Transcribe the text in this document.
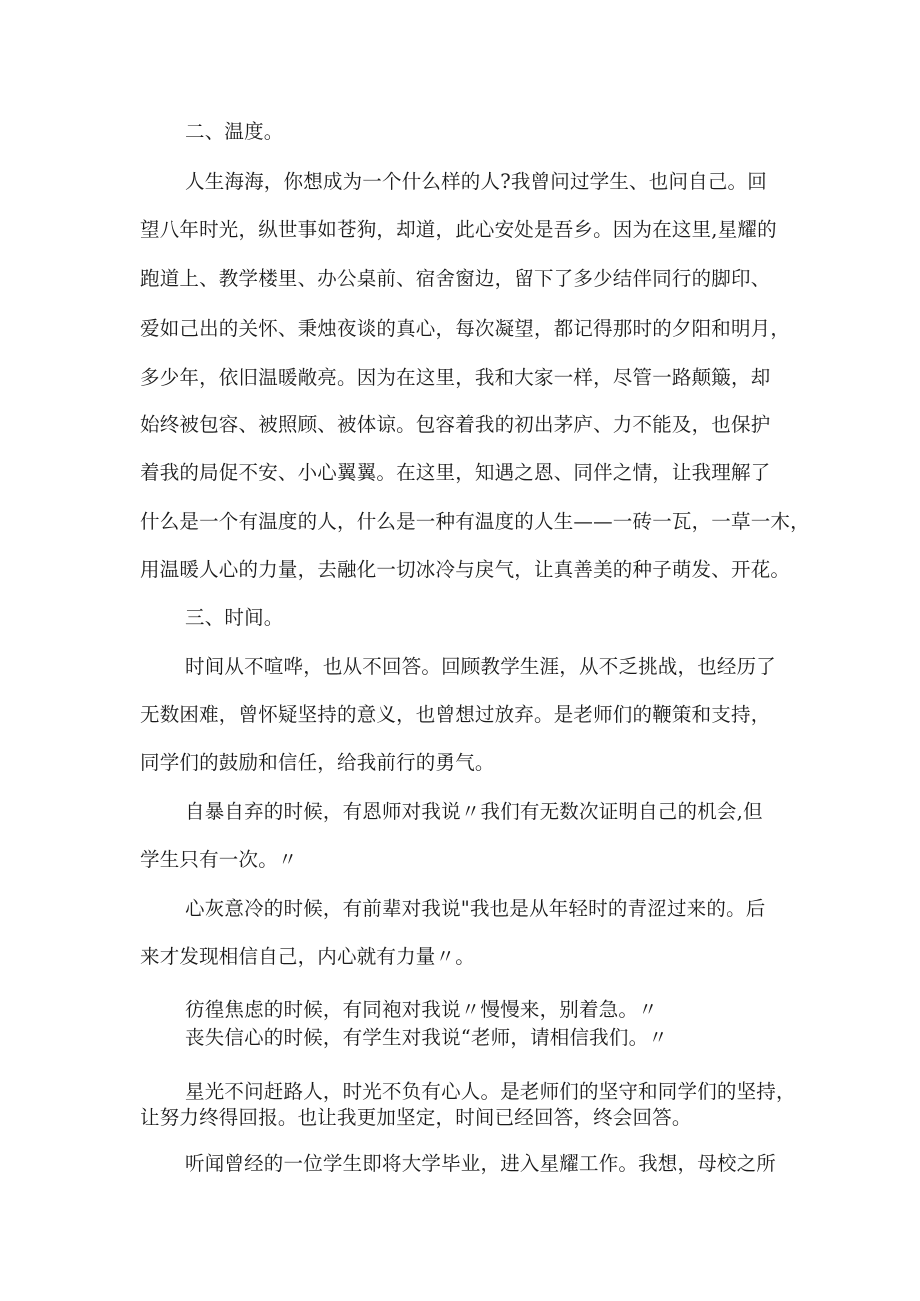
二、温度。
人生海海，你想成为一个什么样的人?我曾问过学生、也问自己。回
望八年时光，纵世事如苍狗，却道，此心安处是吾乡。因为在这里,星耀的
跑道上、教学楼里、办公桌前、宿舍窗边，留下了多少结伴同行的脚印、
爱如己出的关怀、秉烛夜谈的真心，每次凝望，都记得那时的夕阳和明月，
多少年，依旧温暖敞亮。因为在这里，我和大家一样，尽管一路颠簸，却
始终被包容、被照顾、被体谅。包容着我的初出茅庐、力不能及，也保护
着我的局促不安、小心翼翼。在这里，知遇之恩、同伴之情，让我理解了
什么是一个有温度的人，什么是一种有温度的人生——一砖一瓦，一草一木，
用温暖人心的力量，去融化一切冰冷与戾气，让真善美的种子萌发、开花。
三、时间。
时间从不喧哗，也从不回答。回顾教学生涯，从不乏挑战，也经历了
无数困难，曾怀疑坚持的意义，也曾想过放弃。是老师们的鞭策和支持，
同学们的鼓励和信任，给我前行的勇气。
自暴自弃的时候，有恩师对我说〃我们有无数次证明自己的机会,但
学生只有一次。〃
心灰意冷的时候，有前辈对我说"我也是从年轻时的青涩过来的。后
来才发现相信自己，内心就有力量〃。
彷徨焦虑的时候，有同袍对我说〃慢慢来，别着急。〃
丧失信心的时候，有学生对我说“老师，请相信我们。〃
星光不问赶路人，时光不负有心人。是老师们的坚守和同学们的坚持，
让努力终得回报。也让我更加坚定，时间已经回答，终会回答。
听闻曾经的一位学生即将大学毕业，进入星耀工作。我想，母校之所
